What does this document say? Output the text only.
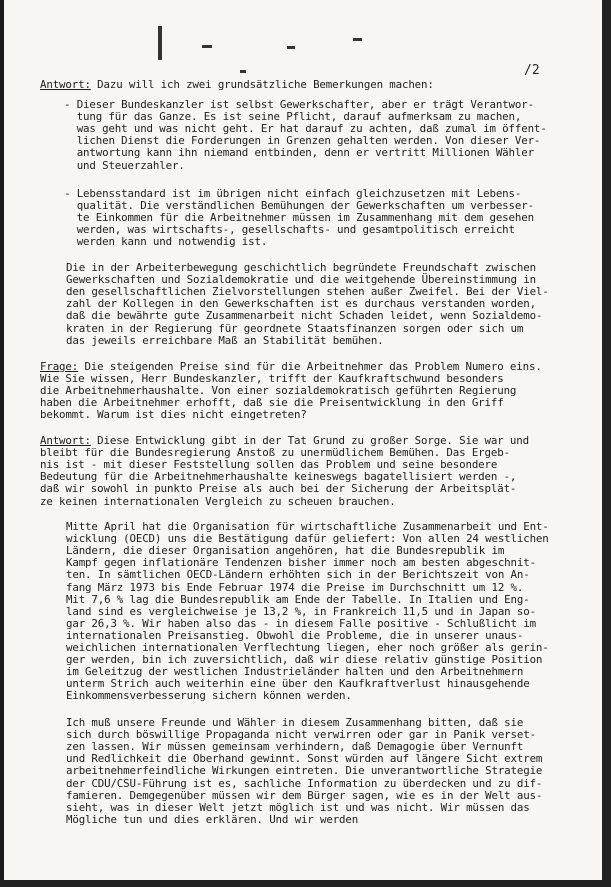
/2
Antwort: Dazu will ich zwei grundsätzliche Bemerkungen machen:
- Dieser Bundeskanzler ist selbst Gewerkschafter, aber er trägt Verantwor-
tung für das Ganze. Es ist seine Pflicht, darauf aufmerksam zu machen,
was geht und was nicht geht. Er hat darauf zu achten, daß zumal im öffent-
lichen Dienst die Forderungen in Grenzen gehalten werden. Von dieser Ver-
antwortung kann ihn niemand entbinden, denn er vertritt Millionen Wähler
und Steuerzahler.
- Lebensstandard ist im übrigen nicht einfach gleichzusetzen mit Lebens-
qualität. Die verständlichen Bemühungen der Gewerkschaften um verbesser-
te Einkommen für die Arbeitnehmer müssen im Zusammenhang mit dem gesehen
werden, was wirtschafts-, gesellschafts- und gesamtpolitisch erreicht
werden kann und notwendig ist.
Die in der Arbeiterbewegung geschichtlich begründete Freundschaft zwischen
Gewerkschaften und Sozialdemokratie und die weitgehende Übereinstimmung in
den gesellschaftlichen Zielvorstellungen stehen außer Zweifel. Bei der Viel-
zahl der Kollegen in den Gewerkschaften ist es durchaus verstanden worden,
daß die bewährte gute Zusammenarbeit nicht Schaden leidet, wenn Sozialdemo-
kraten in der Regierung für geordnete Staatsfinanzen sorgen oder sich um
das jeweils erreichbare Maß an Stabilität bemühen.
Frage: Die steigenden Preise sind für die Arbeitnehmer das Problem Numero eins.
Wie Sie wissen, Herr Bundeskanzler, trifft der Kaufkraftschwund besonders
die Arbeitnehmerhaushalte. Von einer sozialdemokratisch geführten Regierung
haben die Arbeitnehmer erhofft, daß sie die Preisentwicklung in den Griff
bekommt. Warum ist dies nicht eingetreten?
Antwort: Diese Entwicklung gibt in der Tat Grund zu großer Sorge. Sie war und
bleibt für die Bundesregierung Anstoß zu unermüdlichem Bemühen. Das Ergeb-
nis ist - mit dieser Feststellung sollen das Problem und seine besondere
Bedeutung für die Arbeitnehmerhaushalte keineswegs bagatellisiert werden -,
daß wir sowohl in punkto Preise als auch bei der Sicherung der Arbeitsplät-
ze keinen internationalen Vergleich zu scheuen brauchen.
Mitte April hat die Organisation für wirtschaftliche Zusammenarbeit und Ent-
wicklung (OECD) uns die Bestätigung dafür geliefert: Von allen 24 westlichen
Ländern, die dieser Organisation angehören, hat die Bundesrepublik im
Kampf gegen inflationäre Tendenzen bisher immer noch am besten abgeschnit-
ten. In sämtlichen OECD-Ländern erhöhten sich in der Berichtszeit von An-
fang März 1973 bis Ende Februar 1974 die Preise im Durchschnitt um 12 %.
Mit 7,6 % lag die Bundesrepublik am Ende der Tabelle. In Italien und Eng-
land sind es vergleichweise je 13,2 %, in Frankreich 11,5 und in Japan so-
gar 26,3 %. Wir haben also das - in diesem Falle positive - Schlußlicht im
internationalen Preisanstieg. Obwohl die Probleme, die in unserer unaus-
weichlichen internationalen Verflechtung liegen, eher noch größer als gerin-
ger werden, bin ich zuversichtlich, daß wir diese relativ günstige Position
im Geleitzug der westlichen Industrieländer halten und den Arbeitnehmern
unterm Strich auch weiterhin eine über den Kaufkraftverlust hinausgehende
Einkommensverbesserung sichern können werden.
Ich muß unsere Freunde und Wähler in diesem Zusammenhang bitten, daß sie
sich durch böswillige Propaganda nicht verwirren oder gar in Panik verset-
zen lassen. Wir müssen gemeinsam verhindern, daß Demagogie über Vernunft
und Redlichkeit die Oberhand gewinnt. Sonst würden auf längere Sicht extrem
arbeitnehmerfeindliche Wirkungen eintreten. Die unverantwortliche Strategie
der CDU/CSU-Führung ist es, sachliche Information zu überdecken und zu dif-
famieren. Demgegenüber müssen wir dem Bürger sagen, wie es in der Welt aus-
sieht, was in dieser Welt jetzt möglich ist und was nicht. Wir müssen das
Mögliche tun und dies erklären. Und wir werden
